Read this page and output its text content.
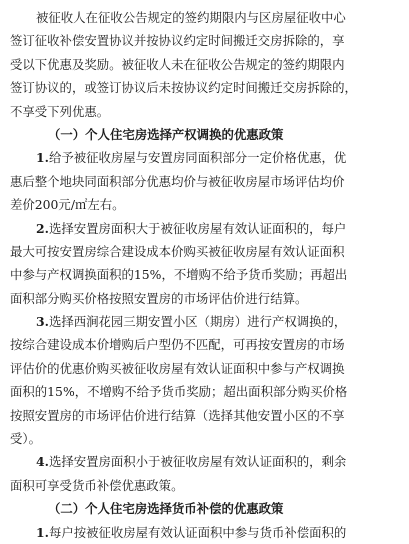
被征收人在征收公告规定的签约期限内与区房屋征收中心
签订征收补偿安置协议并按协议约定时间搬迁交房拆除的，享
受以下优惠及奖励。被征收人未在征收公告规定的签约期限内
签订协议的，或签订协议后未按协议约定时间搬迁交房拆除的，
不享受下列优惠。
（一）个人住宅房选择产权调换的优惠政策
1.给予被征收房屋与安置房同面积部分一定价格优惠，优
惠后整个地块同面积部分优惠均价与被征收房屋市场评估均价
差价200元/㎡左右。
2.选择安置房面积大于被征收房屋有效认证面积的，每户
最大可按安置房综合建设成本价购买被征收房屋有效认证面积
中参与产权调换面积的15%，不增购不给予货币奖励；再超出
面积部分购买价格按照安置房的市场评估价进行结算。
3.选择西涧花园三期安置小区（期房）进行产权调换的，
按综合建设成本价增购后户型仍不匹配，可再按安置房的市场
评估价的优惠价购买被征收房屋有效认证面积中参与产权调换
面积的15%，不增购不给予货币奖励；超出面积部分购买价格
按照安置房的市场评估价进行结算（选择其他安置小区的不享
受）。
4.选择安置房面积小于被征收房屋有效认证面积的，剩余
面积可享受货币补偿优惠政策。
（二）个人住宅房选择货币补偿的优惠政策
1.每户按被征收房屋有效认证面积中参与货币补偿面积的
